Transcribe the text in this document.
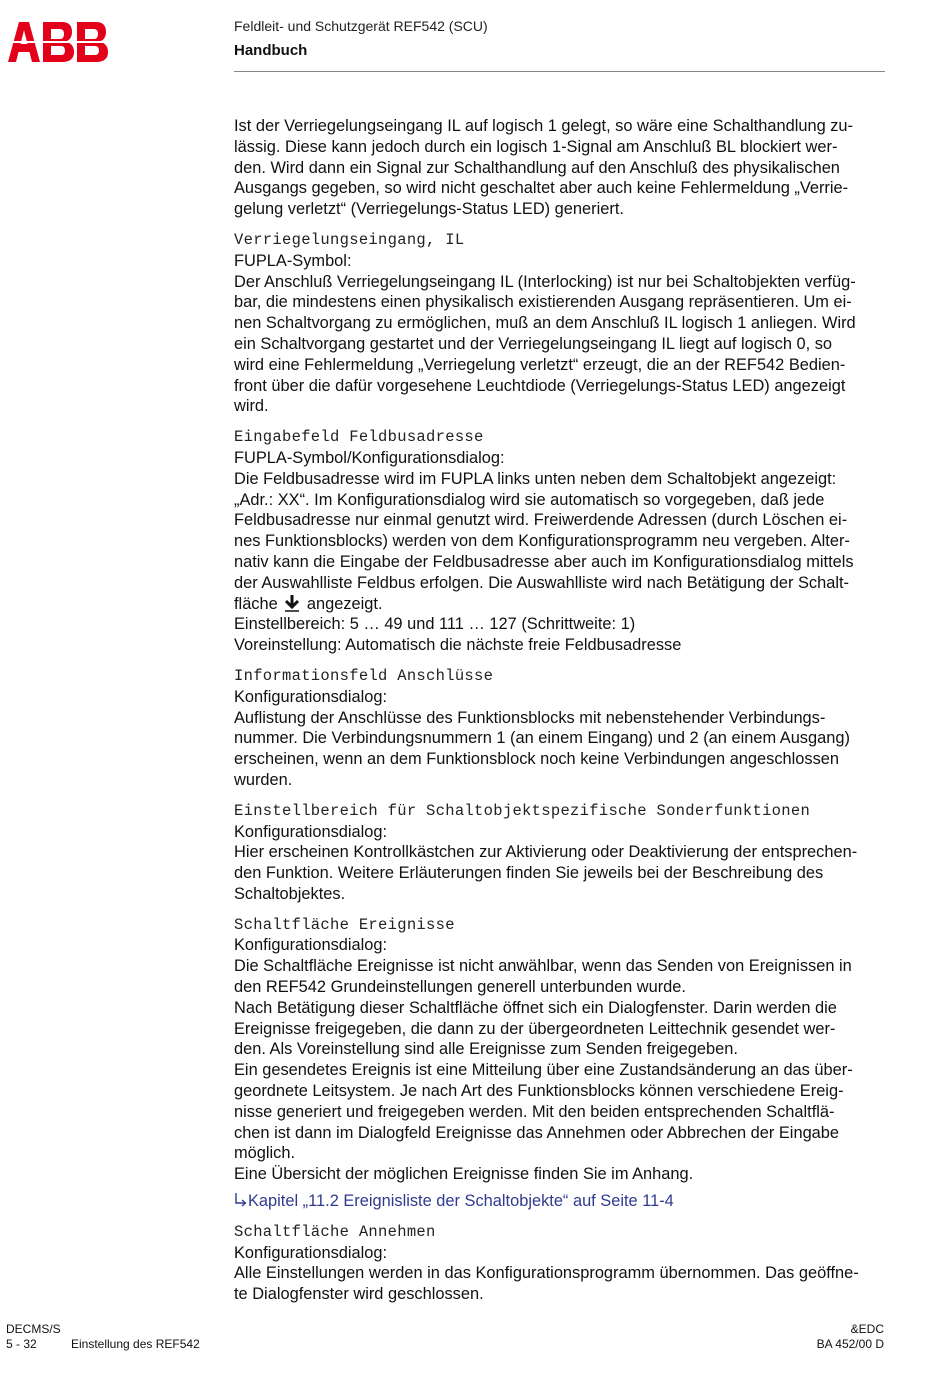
Feldleit- und Schutzgerät REF542 (SCU)
Handbuch

Ist der Verriegelungseingang IL auf logisch 1 gelegt, so wäre eine Schalthandlung zu-

lässig. Diese kann jedoch durch ein logisch 1-Signal am Anschluß BL blockiert wer-

den. Wird dann ein Signal zur Schalthandlung auf den Anschluß des physikalischen

Ausgangs gegeben, so wird nicht geschaltet aber auch keine Fehlermeldung „Verrie-

gelung verletzt“ (Verriegelungs-Status LED) generiert.

Verriegelungseingang, IL

FUPLA-Symbol:

Der Anschluß Verriegelungseingang IL (Interlocking) ist nur bei Schaltobjekten verfüg-

bar, die mindestens einen physikalisch existierenden Ausgang repräsentieren. Um ei-

nen Schaltvorgang zu ermöglichen, muß an dem Anschluß IL logisch 1 anliegen. Wird

ein Schaltvorgang gestartet und der Verriegelungseingang IL liegt auf logisch 0, so

wird eine Fehlermeldung „Verriegelung verletzt“ erzeugt, die an der REF542 Bedien-

front über die dafür vorgesehene Leuchtdiode (Verriegelungs-Status LED) angezeigt

wird.

Eingabefeld Feldbusadresse

FUPLA-Symbol/Konfigurationsdialog:

Die Feldbusadresse wird im FUPLA links unten neben dem Schaltobjekt angezeigt:

„Adr.: XX“. Im Konfigurationsdialog wird sie automatisch so vorgegeben, daß jede

Feldbusadresse nur einmal genutzt wird. Freiwerdende Adressen (durch Löschen ei-

nes Funktionsblocks) werden von dem Konfigurationsprogramm neu vergeben. Alter-

nativ kann die Eingabe der Feldbusadresse aber auch im Konfigurationsdialog mittels

der Auswahlliste Feldbus erfolgen. Die Auswahlliste wird nach Betätigung der Schalt-

fläche angezeigt.

Einstellbereich: 5 … 49 und 111 … 127 (Schrittweite: 1)

Voreinstellung: Automatisch die nächste freie Feldbusadresse

Informationsfeld Anschlüsse

Konfigurationsdialog:

Auflistung der Anschlüsse des Funktionsblocks mit nebenstehender Verbindungs-

nummer. Die Verbindungsnummern 1 (an einem Eingang) und 2 (an einem Ausgang)

erscheinen, wenn an dem Funktionsblock noch keine Verbindungen angeschlossen

wurden.

Einstellbereich für Schaltobjektspezifische Sonderfunktionen

Konfigurationsdialog:

Hier erscheinen Kontrollkästchen zur Aktivierung oder Deaktivierung der entsprechen-

den Funktion. Weitere Erläuterungen finden Sie jeweils bei der Beschreibung des

Schaltobjektes.

Schaltfläche Ereignisse

Konfigurationsdialog:

Die Schaltfläche Ereignisse ist nicht anwählbar, wenn das Senden von Ereignissen in

den REF542 Grundeinstellungen generell unterbunden wurde.

Nach Betätigung dieser Schaltfläche öffnet sich ein Dialogfenster. Darin werden die

Ereignisse freigegeben, die dann zu der übergeordneten Leittechnik gesendet wer-

den. Als Voreinstellung sind alle Ereignisse zum Senden freigegeben.

Ein gesendetes Ereignis ist eine Mitteilung über eine Zustandsänderung an das über-

geordnete Leitsystem. Je nach Art des Funktionsblocks können verschiedene Ereig-

nisse generiert und freigegeben werden. Mit den beiden entsprechenden Schaltflä-

chen ist dann im Dialogfeld Ereignisse das Annehmen oder Abbrechen der Eingabe

möglich.

Eine Übersicht der möglichen Ereignisse finden Sie im Anhang.

Kapitel „11.2 Ereignisliste der Schaltobjekte“ auf Seite 11-4

Schaltfläche Annehmen

Konfigurationsdialog:

Alle Einstellungen werden in das Konfigurationsprogramm übernommen. Das geöffne-

te Dialogfenster wird geschlossen.

DECMS/S
5 - 32	Einstellung des REF542
&EDC
BA 452/00 D
